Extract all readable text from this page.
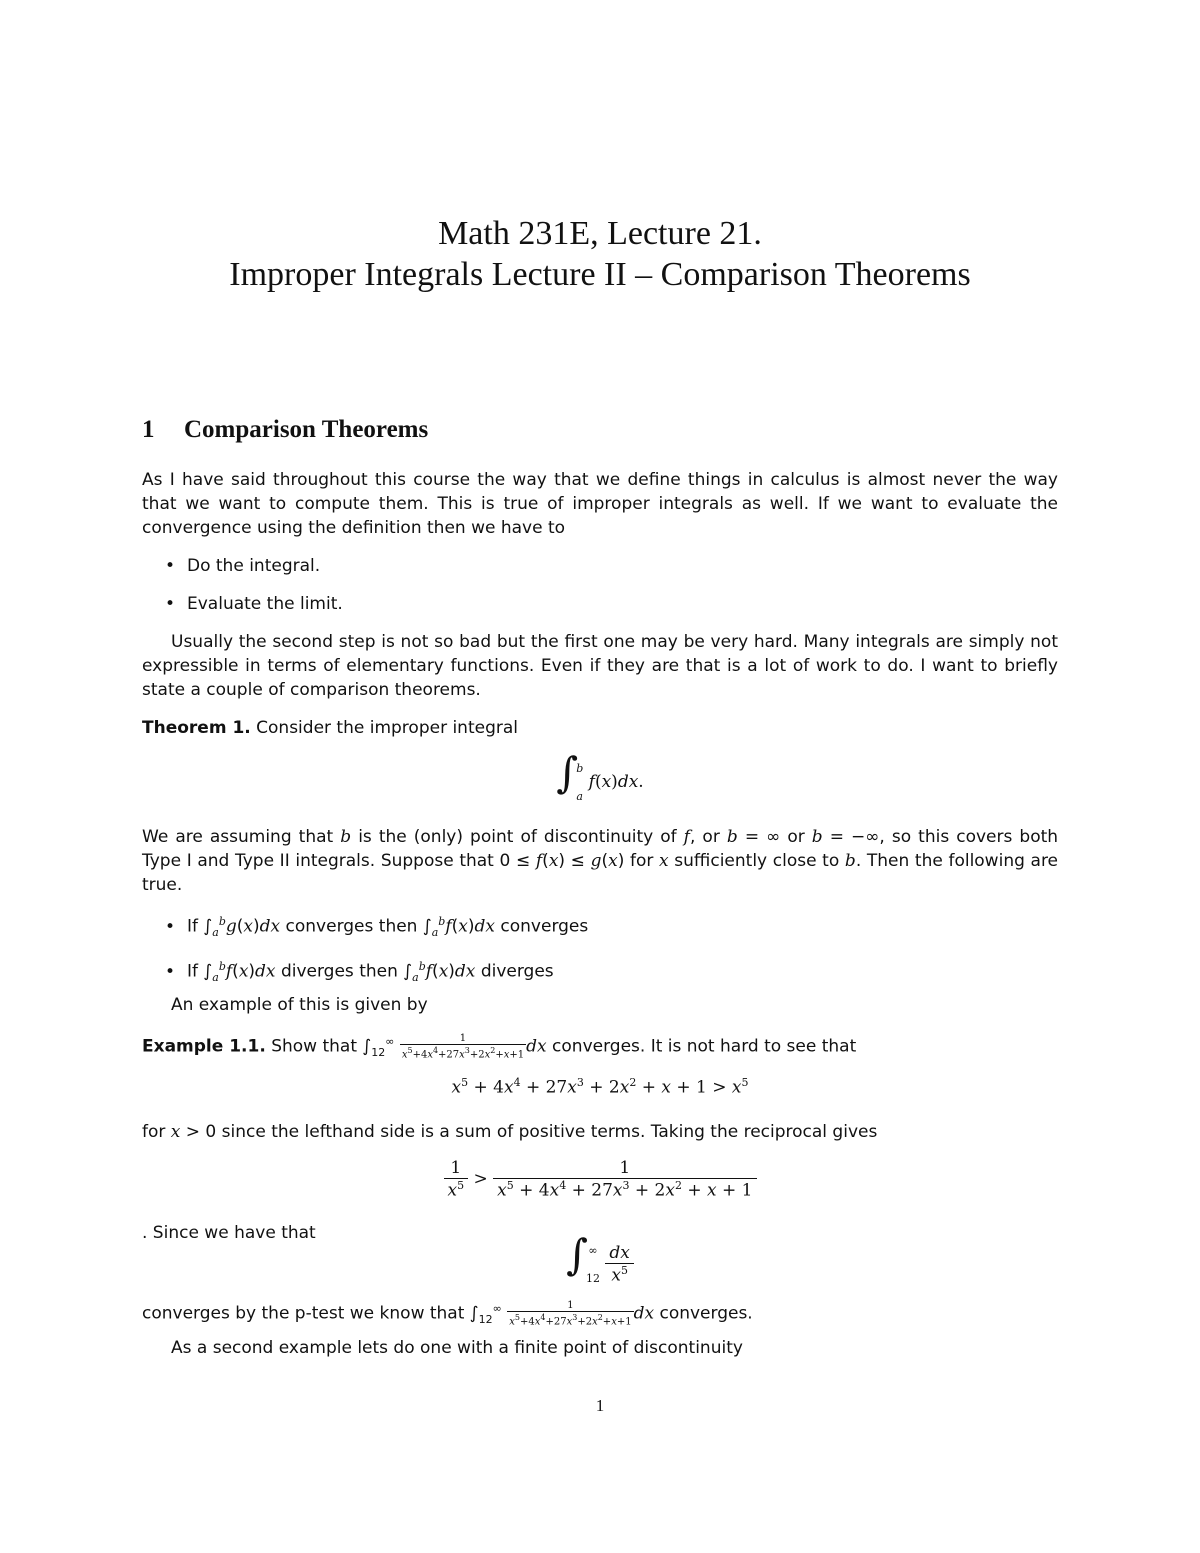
Math 231E, Lecture 21.
Improper Integrals Lecture II – Comparison Theorems
1 Comparison Theorems
As I have said throughout this course the way that we define things in calculus is almost never the way that we want to compute them. This is true of improper integrals as well. If we want to evaluate the convergence using the definition then we have to
• Do the integral.
• Evaluate the limit.
Usually the second step is not so bad but the first one may be very hard. Many integrals are simply not expressible in terms of elementary functions. Even if they are that is a lot of work to do. I want to briefly state a couple of comparison theorems.
Theorem 1. Consider the improper integral
∫
b
a
f(x)dx.
We are assuming that b is the (only) point of discontinuity of f, or b = ∞ or b = −∞, so this covers both Type I and Type II integrals. Suppose that 0 ≤ f(x) ≤ g(x) for x sufficiently close to b. Then the following are true.
• If $\int_a^bg(x)dx$ converges then $\int_a^bf(x)dx$ converges
• If $\int_a^bf(x)dx$ diverges then $\int_a^bf(x)dx$ diverges
An example of this is given by
Example 1.1. Show that $\int_{12}^\infty \frac{1}{x^5+4x^4+27x^3+2x^2+x+1}$ dx converges. It is not hard to see that
$x^5 + 4x^4 + 27x^3 + 2x^2 + x + 1 > x^5$
for x > 0 since the lefthand side is a sum of positive terms. Taking the reciprocal gives
$\frac{1}{x^5} > \frac{1}{x^5 + 4x^4 + 27x^3 + 2x^2 + x + 1}$
. Since we have that	∫ ∞
12
$\frac{dx}{x^5}$
converges by the p-test we know that $\int_{12}^\infty \frac{1}{x^5+4x^4+27x^3+2x^2+x+1}$ dx converges.
As a second example lets do one with a finite point of discontinuity
1
